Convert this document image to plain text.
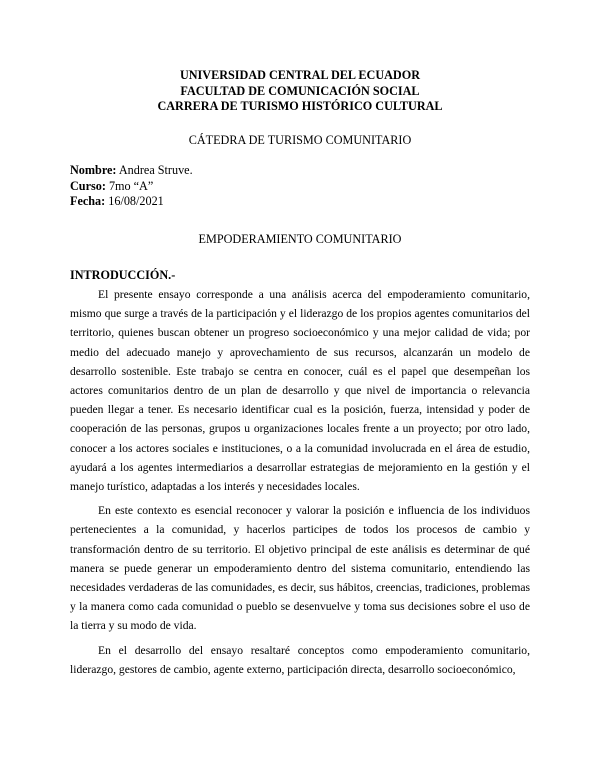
UNIVERSIDAD CENTRAL DEL ECUADOR
FACULTAD DE COMUNICACIÓN SOCIAL
CARRERA DE TURISMO HISTÓRICO CULTURAL
CÁTEDRA DE TURISMO COMUNITARIO
Nombre: Andrea Struve.
Curso: 7mo “A”
Fecha: 16/08/2021
EMPODERAMIENTO COMUNITARIO
INTRODUCCIÓN.-

El presente ensayo corresponde a una análisis acerca del empoderamiento comunitario, mismo que surge a través de la participación y el liderazgo de los propios agentes comunitarios del territorio, quienes buscan obtener un progreso socioeconómico y una mejor calidad de vida; por medio del adecuado manejo y aprovechamiento de sus recursos, alcanzarán un modelo de desarrollo sostenible. Este trabajo se centra en conocer, cuál es el papel que desempeñan los actores comunitarios dentro de un plan de desarrollo y que nivel de importancia o relevancia pueden llegar a tener. Es necesario identificar cual es la posición, fuerza, intensidad y poder de cooperación de las personas, grupos u organizaciones locales frente a un proyecto; por otro lado, conocer a los actores sociales e instituciones, o a la comunidad involucrada en el área de estudio, ayudará a los agentes intermediarios a desarrollar estrategias de mejoramiento en la gestión y el manejo turístico, adaptadas a los interés y necesidades locales.

En este contexto es esencial reconocer y valorar la posición e influencia de los individuos pertenecientes a la comunidad, y hacerlos participes de todos los procesos de cambio y transformación dentro de su territorio. El objetivo principal de este análisis es determinar de qué manera se puede generar un empoderamiento dentro del sistema comunitario, entendiendo las necesidades verdaderas de las comunidades, es decir, sus hábitos, creencias, tradiciones, problemas y la manera como cada comunidad o pueblo se desenvuelve y toma sus decisiones sobre el uso de la tierra y su modo de vida.

En el desarrollo del ensayo resaltaré conceptos como empoderamiento comunitario, liderazgo, gestores de cambio, agente externo, participación directa, desarrollo socioeconómico,
